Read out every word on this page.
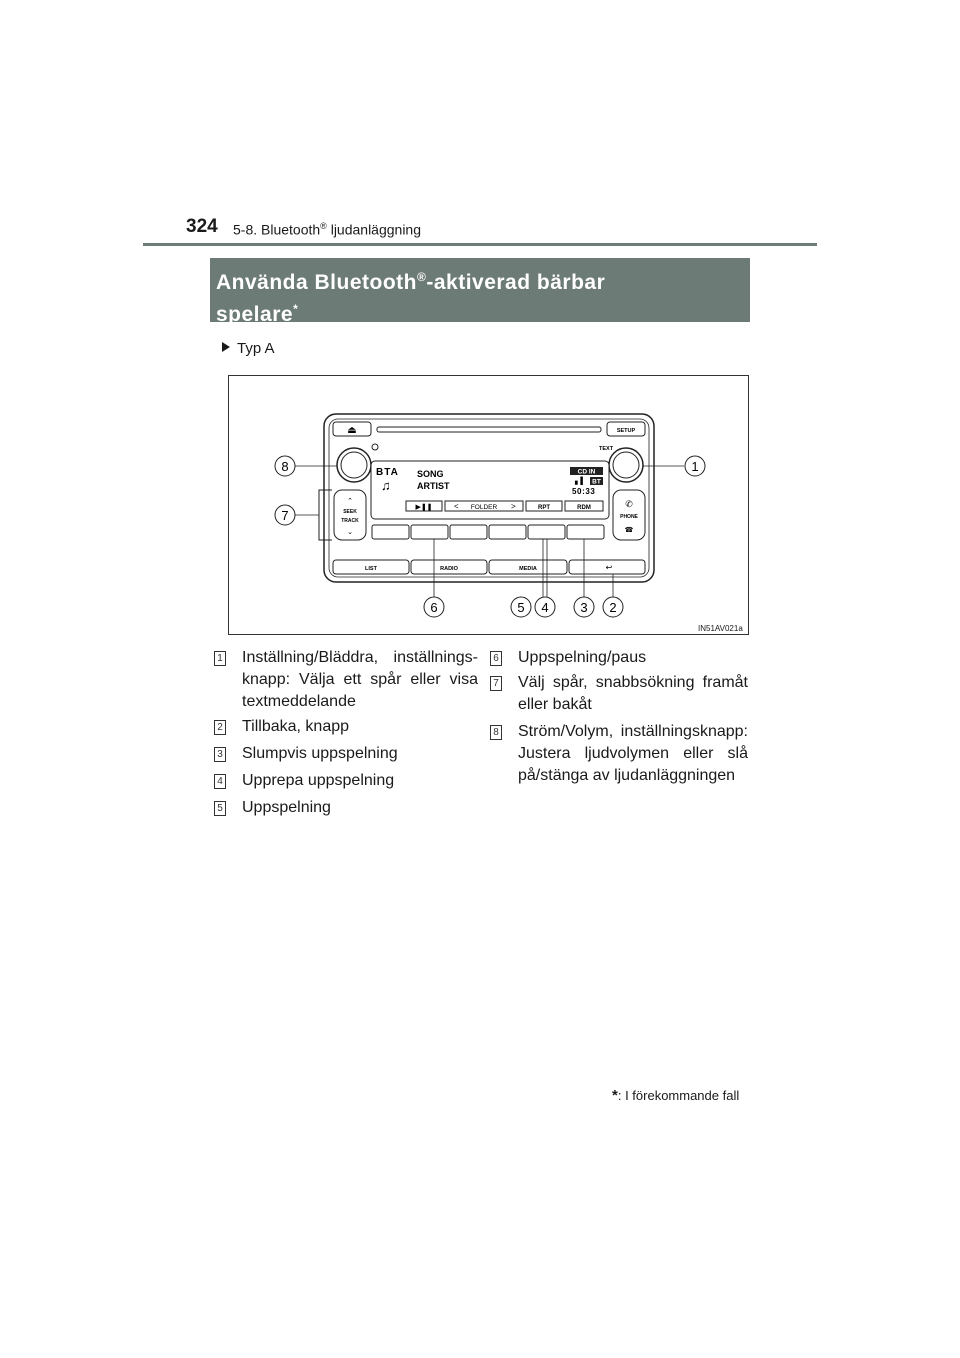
324 5-8. Bluetooth® ljudanläggning
Använda Bluetooth®-aktiverad bärbar
spelare*
Typ A
⏏	SETUP
TEXT
BTA
♫
SONG
ARTIST
CD IN
BT
▖▌
50:33
▶❚❚	< FOLDER >	RPT	RDM
⌃
SEEK
TRACK
⌄
✆
PHONE
☎
LIST	RADIO	MEDIA	↩
1
2
3
4
5
6
7
8
IN51AV021a
1 Inställning/Bläddra, inställnings-knapp: Välja ett spår eller visa textmeddelande
2 Tillbaka, knapp
3 Slumpvis uppspelning
4 Upprepa uppspelning
5 Uppspelning
6 Uppspelning/paus
7 Välj spår, snabbsökning framåt eller bakåt
8 Ström/Volym, inställningsknapp: Justera ljudvolymen eller slå på/stänga av ljudanläggningen
*: I förekommande fall
